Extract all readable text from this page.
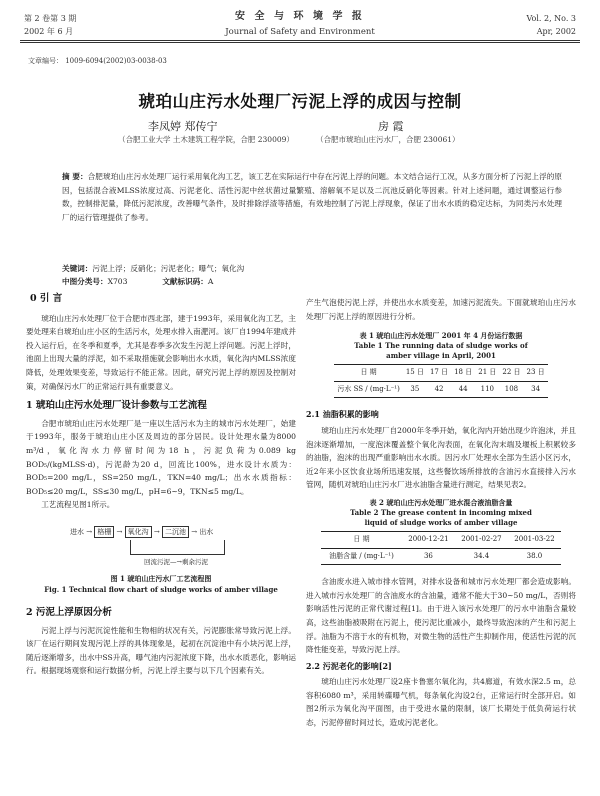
第 2 卷第 3 期
2002 年 6 月
安 全 与 环 境 学 报
Journal of Safety and Environment
Vol. 2, No. 3
Apr, 2002
文章编号： 1009-6094(2002)03-0038-03
琥珀山庄污水处理厂污泥上浮的成因与控制
李凤婷 郑传宁	房 霞
（合肥工业大学 土木建筑工程学院，合肥 230009）	（合肥市琥珀山庄污水厂，合肥 230061）
摘 要：合肥琥珀山庄污水处理厂运行采用氧化沟工艺，该工艺在实际运行中存在污泥上浮的问题。本文结合运行工况，从多方面分析了污泥上浮的原因，包括混合液MLSS浓度过高、污泥老化、活性污泥中丝状菌过量繁殖、溶解氧不足以及二沉池反硝化等因素。针对上述问题，通过调整运行参数，控制排泥量，降低污泥浓度，改善曝气条件，及时排除浮渣等措施，有效地控制了污泥上浮现象，保证了出水水质的稳定达标，为同类污水处理厂的运行管理提供了参考。
关键词：污泥上浮；反硝化；污泥老化；曝气；氧化沟
中图分类号：X703	文献标识码：A
0 引 言

琥珀山庄污水处理厂位于合肥市西北部，建于1993年，采用氧化沟工艺，主要处理来自琥珀山庄小区的生活污水，处理水排入南淝河。该厂自1994年建成并投入运行后，在冬季和夏季，尤其是春季多次发生污泥上浮问题。污泥上浮时，池面上出现大量的浮泥，如不采取措施就会影响出水水质，氧化沟内MLSS浓度降低，处理效果变差，导致运行不能正常。因此，研究污泥上浮的原因及控制对策，对确保污水厂的正常运行具有重要意义。

1 琥珀山庄污水处理厂设计参数与工艺流程

合肥市琥珀山庄污水处理厂是一座以生活污水为主的城市污水处理厂，始建于1993年，服务于琥珀山庄小区及周边的部分居民。设计处理水量为8000 m³/d，氧化沟水力停留时间为18 h，污泥负荷为0.089 kg BOD₅/(kgMLSS·d)，污泥龄为20 d，回流比100%，进水设计水质为：BOD₅=200 mg/L，SS=250 mg/L，TKN=40 mg/L；出水水质指标：BOD₅≤20 mg/L，SS≤30 mg/L，pH=6~9，TKN≤5 mg/L。

工艺流程见图1所示。

进水 → 格栅 → 氧化沟 → 二沉池 → 出水
回流污泥—→剩余污泥
图 1 琥珀山庄污水厂工艺流程图
Fig. 1 Technical flow chart of sludge works of amber village
2 污泥上浮原因分析

污泥上浮与污泥沉淀性能和生物相的状况有关，污泥膨胀常导致污泥上浮。该厂在运行期间发现污泥上浮的具体现象是，起初在沉淀池中有小块污泥上浮，随后逐渐增多，出水中SS升高，曝气池内污泥浓度下降，出水水质恶化，影响运行。根据现场观察和运行数据分析，污泥上浮主要与以下几个因素有关。

产生气泡使污泥上浮，并使出水水质变差，加速污泥流失。下面就琥珀山庄污水处理厂污泥上浮的原因进行分析。

表 1 琥珀山庄污水处理厂 2001 年 4 月份运行数据
Table 1 The running data of sludge works of
amber village in April, 2001
日 期	15 日	17 日	18 日	21 日	22 日	23 日
污水 SS / (mg·L⁻¹)	35	42	44	110	108	34
2.1 油脂积累的影响

琥珀山庄污水处理厂自2000年冬季开始，氧化沟内开始出现少许泡沫，并且泡沫逐渐增加，一度泡沫覆盖整个氧化沟表面，在氧化沟末端及堰板上积累较多的油脂，泡沫的出现严重影响出水水质。因污水厂处理水全部为生活小区污水，近2年来小区饮食业场所迅速发展，这些餐饮场所排放的含油污水直接排入污水管网，随机对琥珀山庄污水厂进水油脂含量进行测定，结果见表2。

表 2 琥珀山庄污水处理厂进水混合液油脂含量
Table 2 The grease content in incoming mixed
liquid of sludge works of amber village
日 期	2000-12-21	2001-02-27	2001-03-22
油脂含量 / (mg·L⁻¹)	36	34.4	38.0

含油废水进入城市排水管网，对排水设备和城市污水处理厂都会造成影响。进入城市污水处理厂的含油废水的含油量，通常不能大于30~50 mg/L，否则将影响活性污泥的正常代谢过程[1]。由于进入该污水处理厂的污水中油脂含量较高，这些油脂被吸附在污泥上，使污泥比重减小，最终导致泡沫的产生和污泥上浮。油脂为不溶于水的有机物，对微生物的活性产生抑制作用，使活性污泥的沉降性能变差，导致污泥上浮。

2.2 污泥老化的影响[2]

琥珀山庄污水处理厂设2座卡鲁塞尔氧化沟，共4廊道，有效水深2.5 m，总容积6080 m³，采用转碟曝气机，每条氧化沟设2台，正常运行时全部开启。如图2所示为氧化沟平面图，由于受进水量的限制，该厂长期处于低负荷运行状态，污泥停留时间过长，造成污泥老化。
